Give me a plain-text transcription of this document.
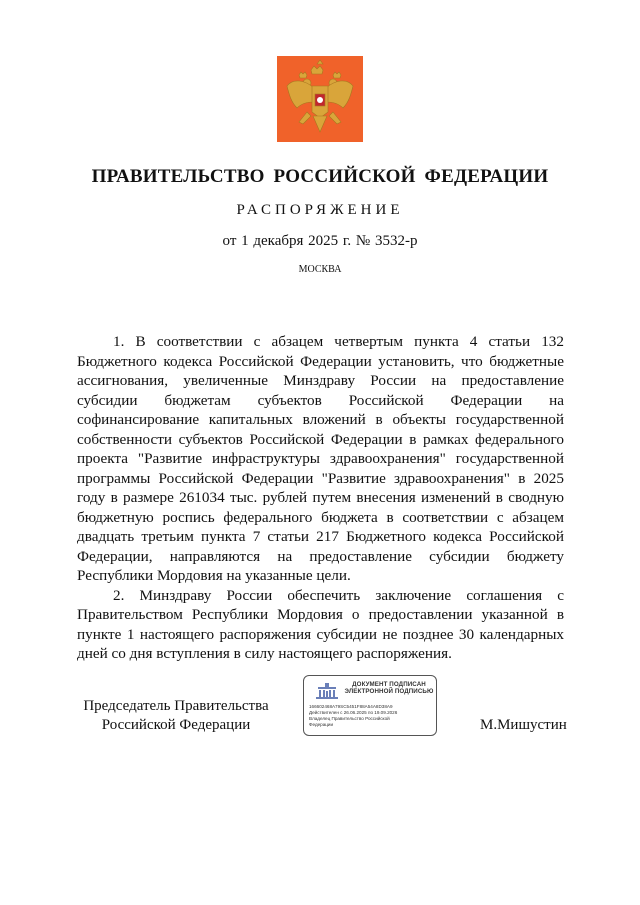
ПРАВИТЕЛЬСТВО РОССИЙСКОЙ ФЕДЕРАЦИИ
РАСПОРЯЖЕНИЕ
от 1 декабря 2025 г. № 3532-р
МОСКВА

1. В соответствии с абзацем четвертым пункта 4 статьи 132 Бюджетного кодекса Российской Федерации установить, что бюджетные ассигнования, увеличенные Минздраву России на предоставление субсидии бюджетам субъектов Российской Федерации на софинансирование капитальных вложений в объекты государственной собственности субъектов Российской Федерации в рамках федерального проекта "Развитие инфраструктуры здравоохранения" государственной программы Российской Федерации "Развитие здравоохранения" в 2025 году в размере 261034 тыс. рублей путем внесения изменений в сводную бюджетную роспись федерального бюджета в соответствии с абзацем двадцать третьим пункта 7 статьи 217 Бюджетного кодекса Российской Федерации, направляются на предоставление субсидии бюджету Республики Мордовия на указанные цели.

2. Минздраву России обеспечить заключение соглашения с Правительством Республики Мордовия о предоставлении указанной в пункте 1 настоящего распоряжения субсидии не позднее 30 календарных дней со дня вступления в силу настоящего распоряжения.

Председатель Правительства
Российской Федерации
ДОКУМЕНТ ПОДПИСАН
ЭЛЕКТРОННОЙ ПОДПИСЬЮ
166602468A79SC5451F88A54A8D38A9
Действителен с 26.06.2025 по 19.09.2026
Владелец Правительство Российской
Федерации	М.Мишустин
